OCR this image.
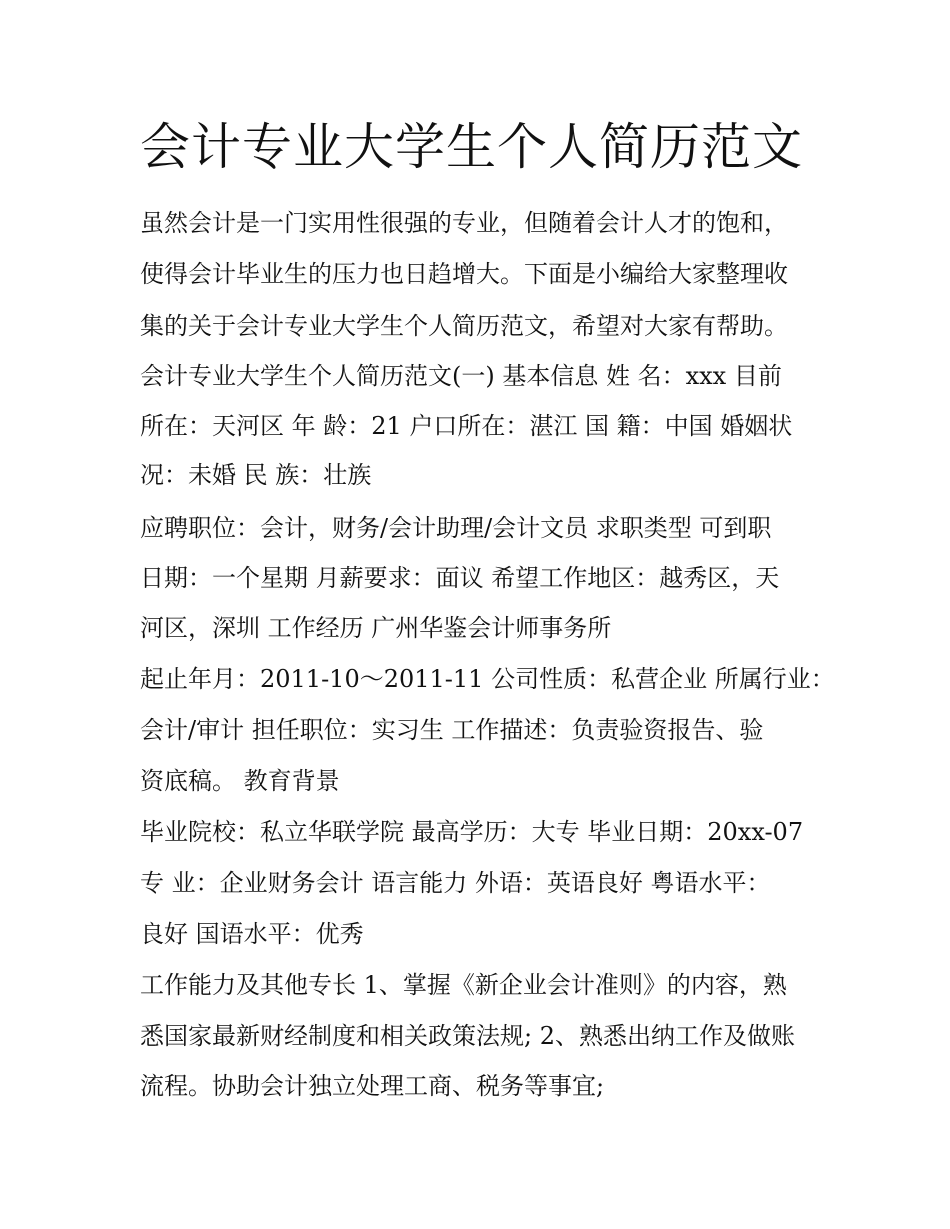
会计专业大学生个人简历范文

虽然会计是一门实用性很强的专业，但随着会计人才的饱和，

使得会计毕业生的压力也日趋增大。下面是小编给大家整理收

集的关于会计专业大学生个人简历范文，希望对大家有帮助。

会计专业大学生个人简历范文(一) 基本信息 姓 名：xxx 目前

所在：天河区 年 龄：21 户口所在：湛江 国 籍：中国 婚姻状

况：未婚 民 族：壮族

应聘职位：会计，财务/会计助理/会计文员 求职类型 可到职

日期：一个星期 月薪要求：面议 希望工作地区：越秀区，天

河区，深圳 工作经历 广州华鉴会计师事务所

起止年月：2011-10～2011-11 公司性质：私营企业 所属行业：

会计/审计 担任职位：实习生 工作描述：负责验资报告、验

资底稿。 教育背景

毕业院校：私立华联学院 最高学历：大专 毕业日期：20xx-07

专 业：企业财务会计 语言能力 外语：英语良好 粤语水平：

良好 国语水平：优秀

工作能力及其他专长 1、掌握《新企业会计准则》的内容，熟

悉国家最新财经制度和相关政策法规; 2、熟悉出纳工作及做账

流程。协助会计独立处理工商、税务等事宜;
